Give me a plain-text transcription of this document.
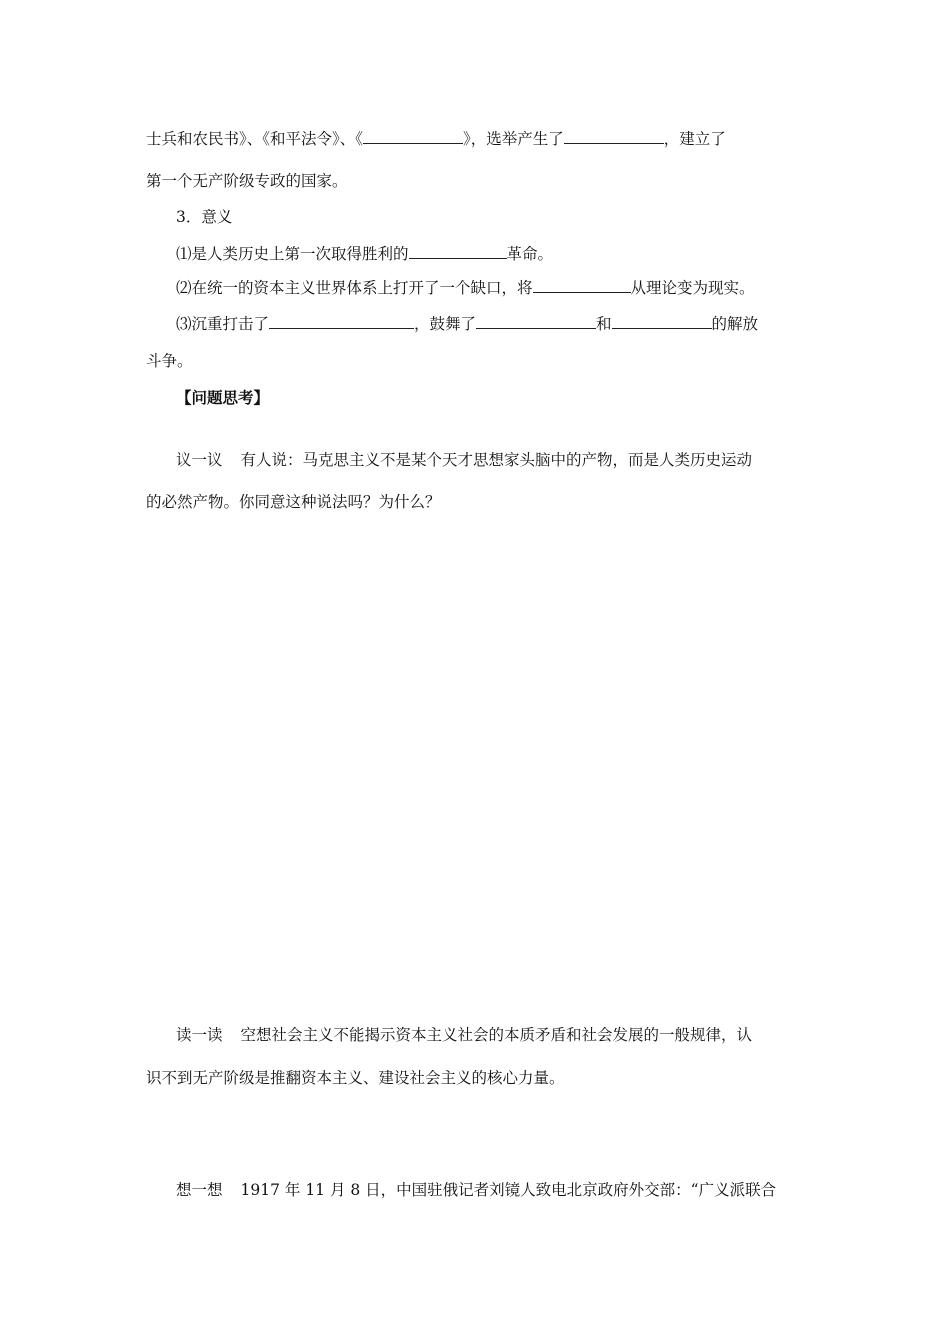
士兵和农民书》、《和平法令》、《	》，选举产生了	，建立了
第一个无产阶级专政的国家。
3．意义
⑴是人类历史上第一次取得胜利的	革命。
⑵在统一的资本主义世界体系上打开了一个缺口，将	从理论变为现实。
⑶沉重打击了	，鼓舞了	和	的解放
斗争。
【问题思考】
议一议 有人说：马克思主义不是某个天才思想家头脑中的产物，而是人类历史运动
的必然产物。你同意这种说法吗？为什么？
读一读 空想社会主义不能揭示资本主义社会的本质矛盾和社会发展的一般规律，认
识不到无产阶级是推翻资本主义、建设社会主义的核心力量。
想一想 1917 年 11 月 8 日，中国驻俄记者刘镜人致电北京政府外交部：“广义派联合
